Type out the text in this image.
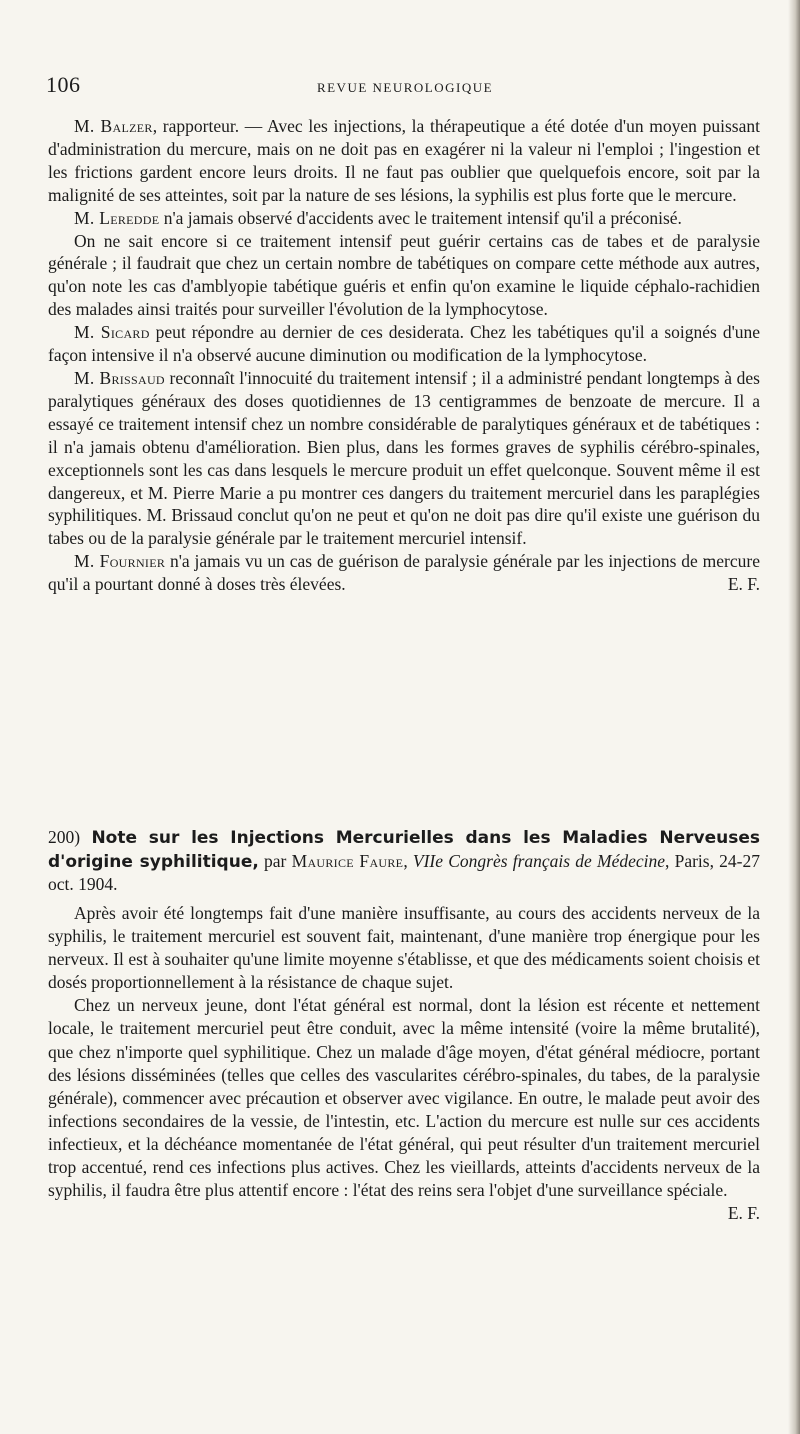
106	REVUE NEUROLOGIQUE

M. Balzer, rapporteur. — Avec les injections, la thérapeutique a été dotée d'un moyen puissant d'administration du mercure, mais on ne doit pas en exagérer ni la valeur ni l'emploi ; l'ingestion et les frictions gardent encore leurs droits. Il ne faut pas oublier que quelquefois encore, soit par la malignité de ses atteintes, soit par la nature de ses lésions, la syphilis est plus forte que le mercure.

M. Leredde n'a jamais observé d'accidents avec le traitement intensif qu'il a préconisé.

On ne sait encore si ce traitement intensif peut guérir certains cas de tabes et de paralysie générale ; il faudrait que chez un certain nombre de tabétiques on compare cette méthode aux autres, qu'on note les cas d'amblyopie tabétique guéris et enfin qu'on examine le liquide céphalo-rachidien des malades ainsi traités pour surveiller l'évolution de la lymphocytose.

M. Sicard peut répondre au dernier de ces desiderata. Chez les tabétiques qu'il a soignés d'une façon intensive il n'a observé aucune diminution ou modification de la lymphocytose.

M. Brissaud reconnaît l'innocuité du traitement intensif ; il a administré pendant longtemps à des paralytiques généraux des doses quotidiennes de 13 centigrammes de benzoate de mercure. Il a essayé ce traitement intensif chez un nombre considérable de paralytiques généraux et de tabétiques : il n'a jamais obtenu d'amélioration. Bien plus, dans les formes graves de syphilis cérébro-spinales, exceptionnels sont les cas dans lesquels le mercure produit un effet quelconque. Souvent même il est dangereux, et M. Pierre Marie a pu montrer ces dangers du traitement mercuriel dans les paraplégies syphilitiques. M. Brissaud conclut qu'on ne peut et qu'on ne doit pas dire qu'il existe une guérison du tabes ou de la paralysie générale par le traitement mercuriel intensif.

M. Fournier n'a jamais vu un cas de guérison de paralysie générale par les injections de mercure qu'il a pourtant donné à doses très élevées.	E. F.

200) Note sur les Injections Mercurielles dans les Maladies Nerveuses d'origine syphilitique, par Maurice Faure, VIIe Congrès français de Médecine, Paris, 24-27 oct. 1904.

Après avoir été longtemps fait d'une manière insuffisante, au cours des accidents nerveux de la syphilis, le traitement mercuriel est souvent fait, maintenant, d'une manière trop énergique pour les nerveux. Il est à souhaiter qu'une limite moyenne s'établisse, et que des médicaments soient choisis et dosés proportionnellement à la résistance de chaque sujet.

Chez un nerveux jeune, dont l'état général est normal, dont la lésion est récente et nettement locale, le traitement mercuriel peut être conduit, avec la même intensité (voire la même brutalité), que chez n'importe quel syphilitique. Chez un malade d'âge moyen, d'état général médiocre, portant des lésions disséminées (telles que celles des vascularites cérébro-spinales, du tabes, de la paralysie générale), commencer avec précaution et observer avec vigilance. En outre, le malade peut avoir des infections secondaires de la vessie, de l'intestin, etc. L'action du mercure est nulle sur ces accidents infectieux, et la déchéance momentanée de l'état général, qui peut résulter d'un traitement mercuriel trop accentué, rend ces infections plus actives. Chez les vieillards, atteints d'accidents nerveux de la syphilis, il faudra être plus attentif encore : l'état des reins sera l'objet d'une surveillance spéciale.
E. F.
